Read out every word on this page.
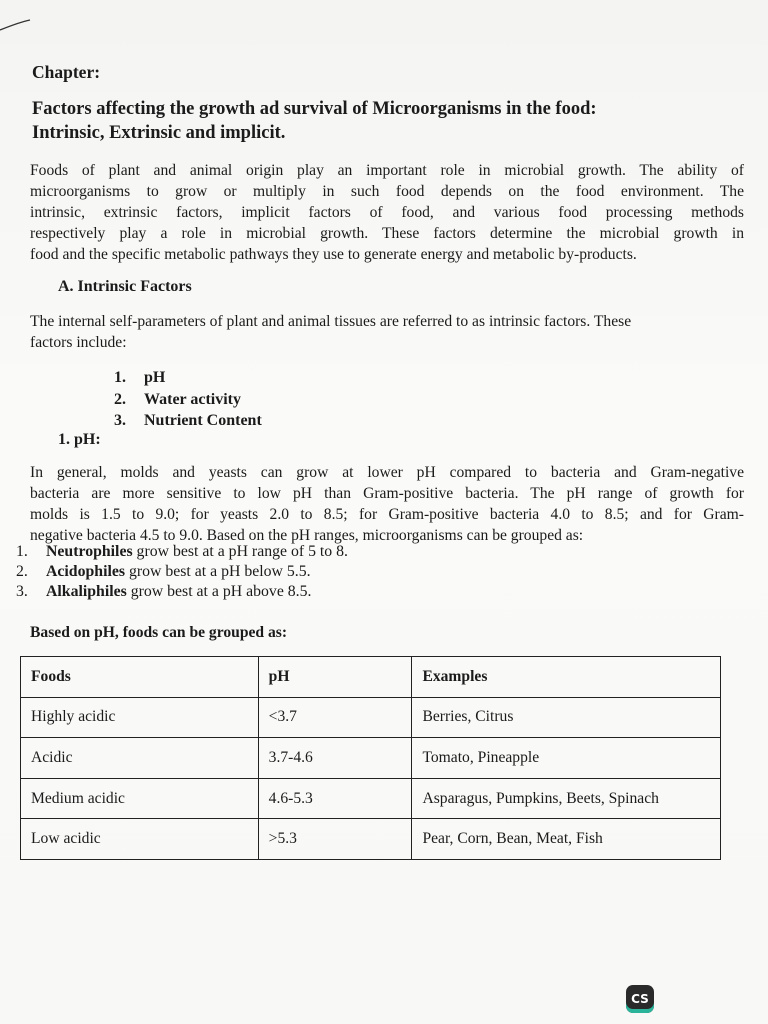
Chapter:
Factors affecting the growth ad survival of Microorganisms in the food:
Intrinsic, Extrinsic and implicit.

Foods of plant and animal origin play an important role in microbial growth. The ability of

microorganisms to grow or multiply in such food depends on the food environment. The

intrinsic, extrinsic factors, implicit factors of food, and various food processing methods

respectively play a role in microbial growth. These factors determine the microbial growth in

food and the specific metabolic pathways they use to generate energy and metabolic by-products.

A. Intrinsic Factors

The internal self-parameters of plant and animal tissues are referred to as intrinsic factors. These

factors include:

1. pH
2. Water activity
3. Nutrient Content
1. pH:

In general, molds and yeasts can grow at lower pH compared to bacteria and Gram-negative

bacteria are more sensitive to low pH than Gram-positive bacteria. The pH range of growth for

molds is 1.5 to 9.0; for yeasts 2.0 to 8.5; for Gram-positive bacteria 4.0 to 8.5; and for Gram-

negative bacteria 4.5 to 9.0. Based on the pH ranges, microorganisms can be grouped as:

1. Neutrophiles grow best at a pH range of 5 to 8.
2. Acidophiles grow best at a pH below 5.5.
3. Alkaliphiles grow best at a pH above 8.5.
Based on pH, foods can be grouped as:
Foods	pH	Examples
Highly acidic	<3.7	Berries, Citrus
Acidic	3.7-4.6	Tomato, Pineapple
Medium acidic	4.6-5.3	Asparagus, Pumpkins, Beets, Spinach
Low acidic	>5.3	Pear, Corn, Bean, Meat, Fish
CS
